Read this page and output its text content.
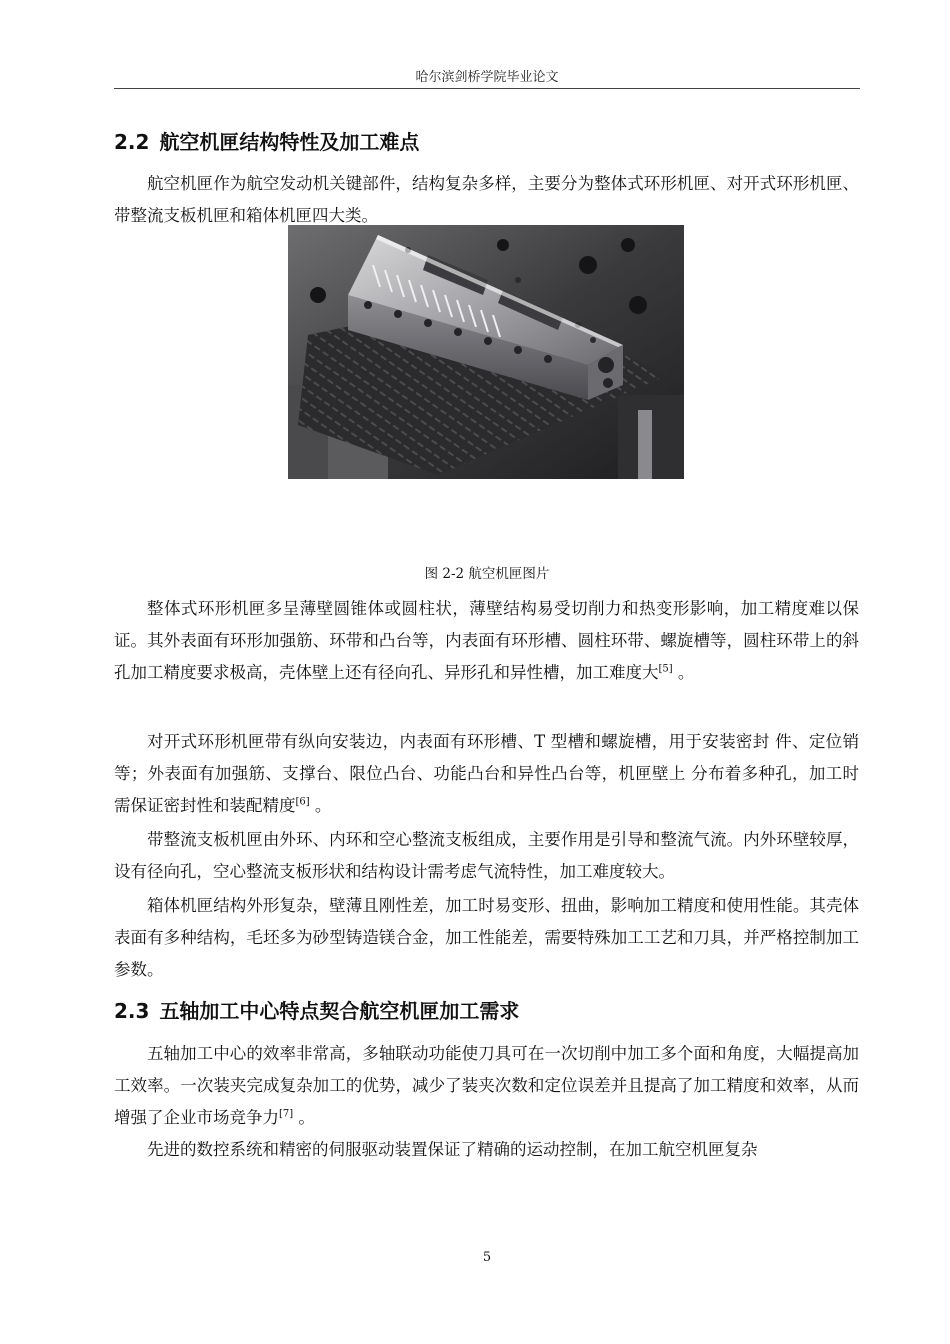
哈尔滨剑桥学院毕业论文
2.2 航空机匣结构特性及加工难点

航空机匣作为航空发动机关键部件，结构复杂多样，主要分为整体式环形机匣、对开式环形机匣、带整流支板机匣和箱体机匣四大类。

图 2-2 航空机匣图片

整体式环形机匣多呈薄壁圆锥体或圆柱状，薄壁结构易受切削力和热变形影响，加工精度难以保证。其外表面有环形加强筋、环带和凸台等，内表面有环形槽、圆柱环带、螺旋槽等，圆柱环带上的斜孔加工精度要求极高，壳体壁上还有径向孔、异形孔和异性槽，加工难度大[5] 。

对开式环形机匣带有纵向安装边，内表面有环形槽、T 型槽和螺旋槽，用于安装密封 件、定位销等；外表面有加强筋、支撑台、限位凸台、功能凸台和异性凸台等，机匣壁上 分布着多种孔，加工时需保证密封性和装配精度[6] 。

带整流支板机匣由外环、内环和空心整流支板组成，主要作用是引导和整流气流。内外环壁较厚，设有径向孔，空心整流支板形状和结构设计需考虑气流特性，加工难度较大。

箱体机匣结构外形复杂，壁薄且刚性差，加工时易变形、扭曲，影响加工精度和使用性能。其壳体表面有多种结构，毛坯多为砂型铸造镁合金，加工性能差，需要特殊加工工艺和刀具，并严格控制加工参数。

2.3 五轴加工中心特点契合航空机匣加工需求

五轴加工中心的效率非常高，多轴联动功能使刀具可在一次切削中加工多个面和角度，大幅提高加工效率。一次装夹完成复杂加工的优势，减少了装夹次数和定位误差并且提高了加工精度和效率，从而增强了企业市场竞争力[7] 。

先进的数控系统和精密的伺服驱动装置保证了精确的运动控制，在加工航空机匣复杂

5
